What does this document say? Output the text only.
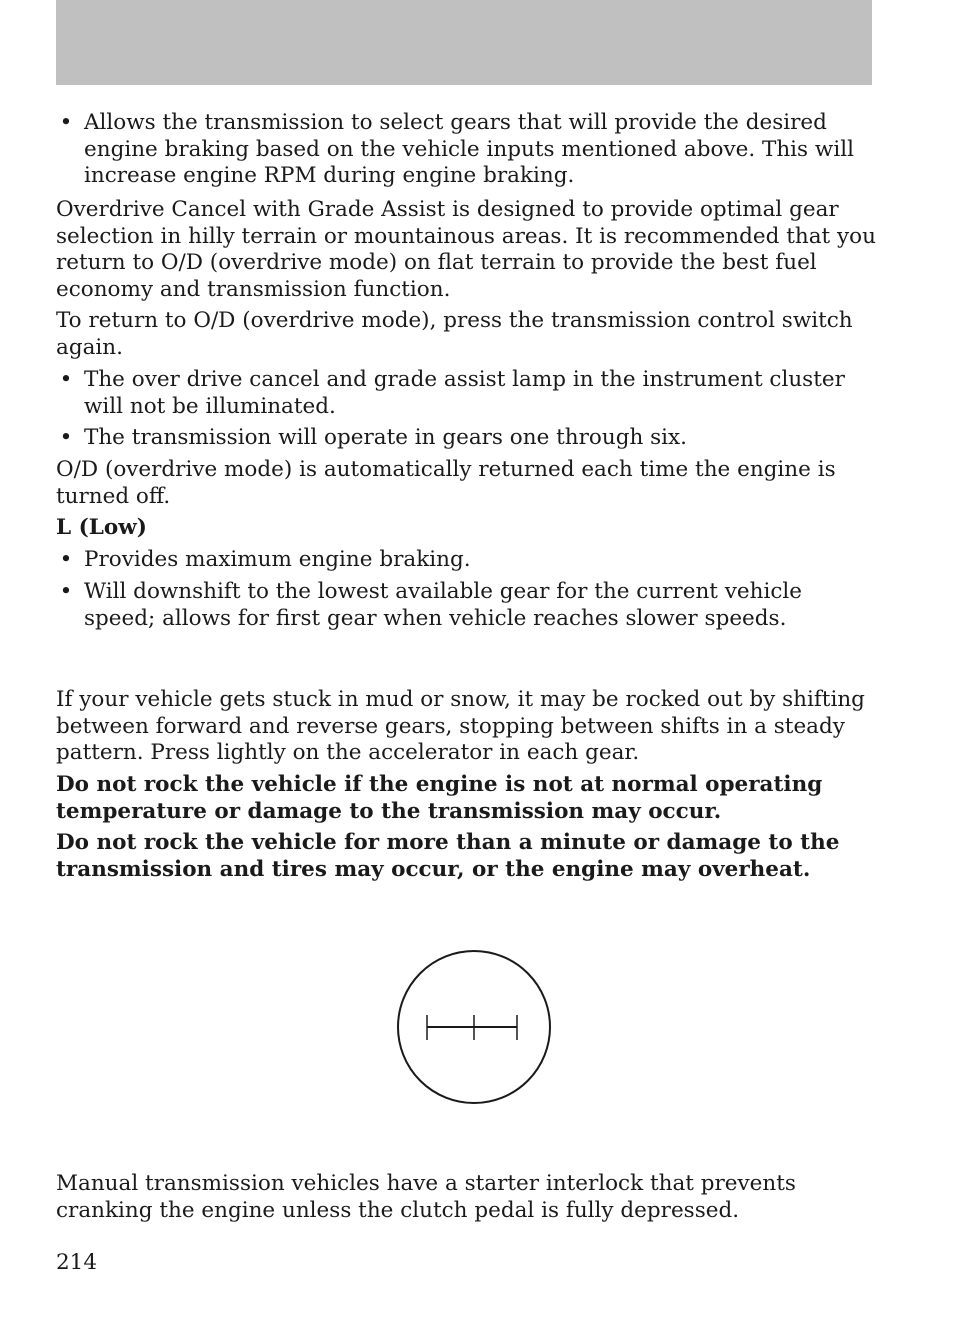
• Allows the transmission to select gears that will provide the desired engine braking based on the vehicle inputs mentioned above. This will increase engine RPM during engine braking.

Overdrive Cancel with Grade Assist is designed to provide optimal gear selection in hilly terrain or mountainous areas. It is recommended that you return to O/D (overdrive mode) on flat terrain to provide the best fuel economy and transmission function.

To return to O/D (overdrive mode), press the transmission control switch again.

• The over drive cancel and grade assist lamp in the instrument cluster will not be illuminated.
• The transmission will operate in gears one through six.

O/D (overdrive mode) is automatically returned each time the engine is turned off.

L (Low)

• Provides maximum engine braking.
• Will downshift to the lowest available gear for the current vehicle speed; allows for first gear when vehicle reaches slower speeds.

If your vehicle gets stuck in mud or snow, it may be rocked out by shifting between forward and reverse gears, stopping between shifts in a steady pattern. Press lightly on the accelerator in each gear.

Do not rock the vehicle if the engine is not at normal operating temperature or damage to the transmission may occur.

Do not rock the vehicle for more than a minute or damage to the transmission and tires may occur, or the engine may overheat.

Manual transmission vehicles have a starter interlock that prevents cranking the engine unless the clutch pedal is fully depressed.

214
